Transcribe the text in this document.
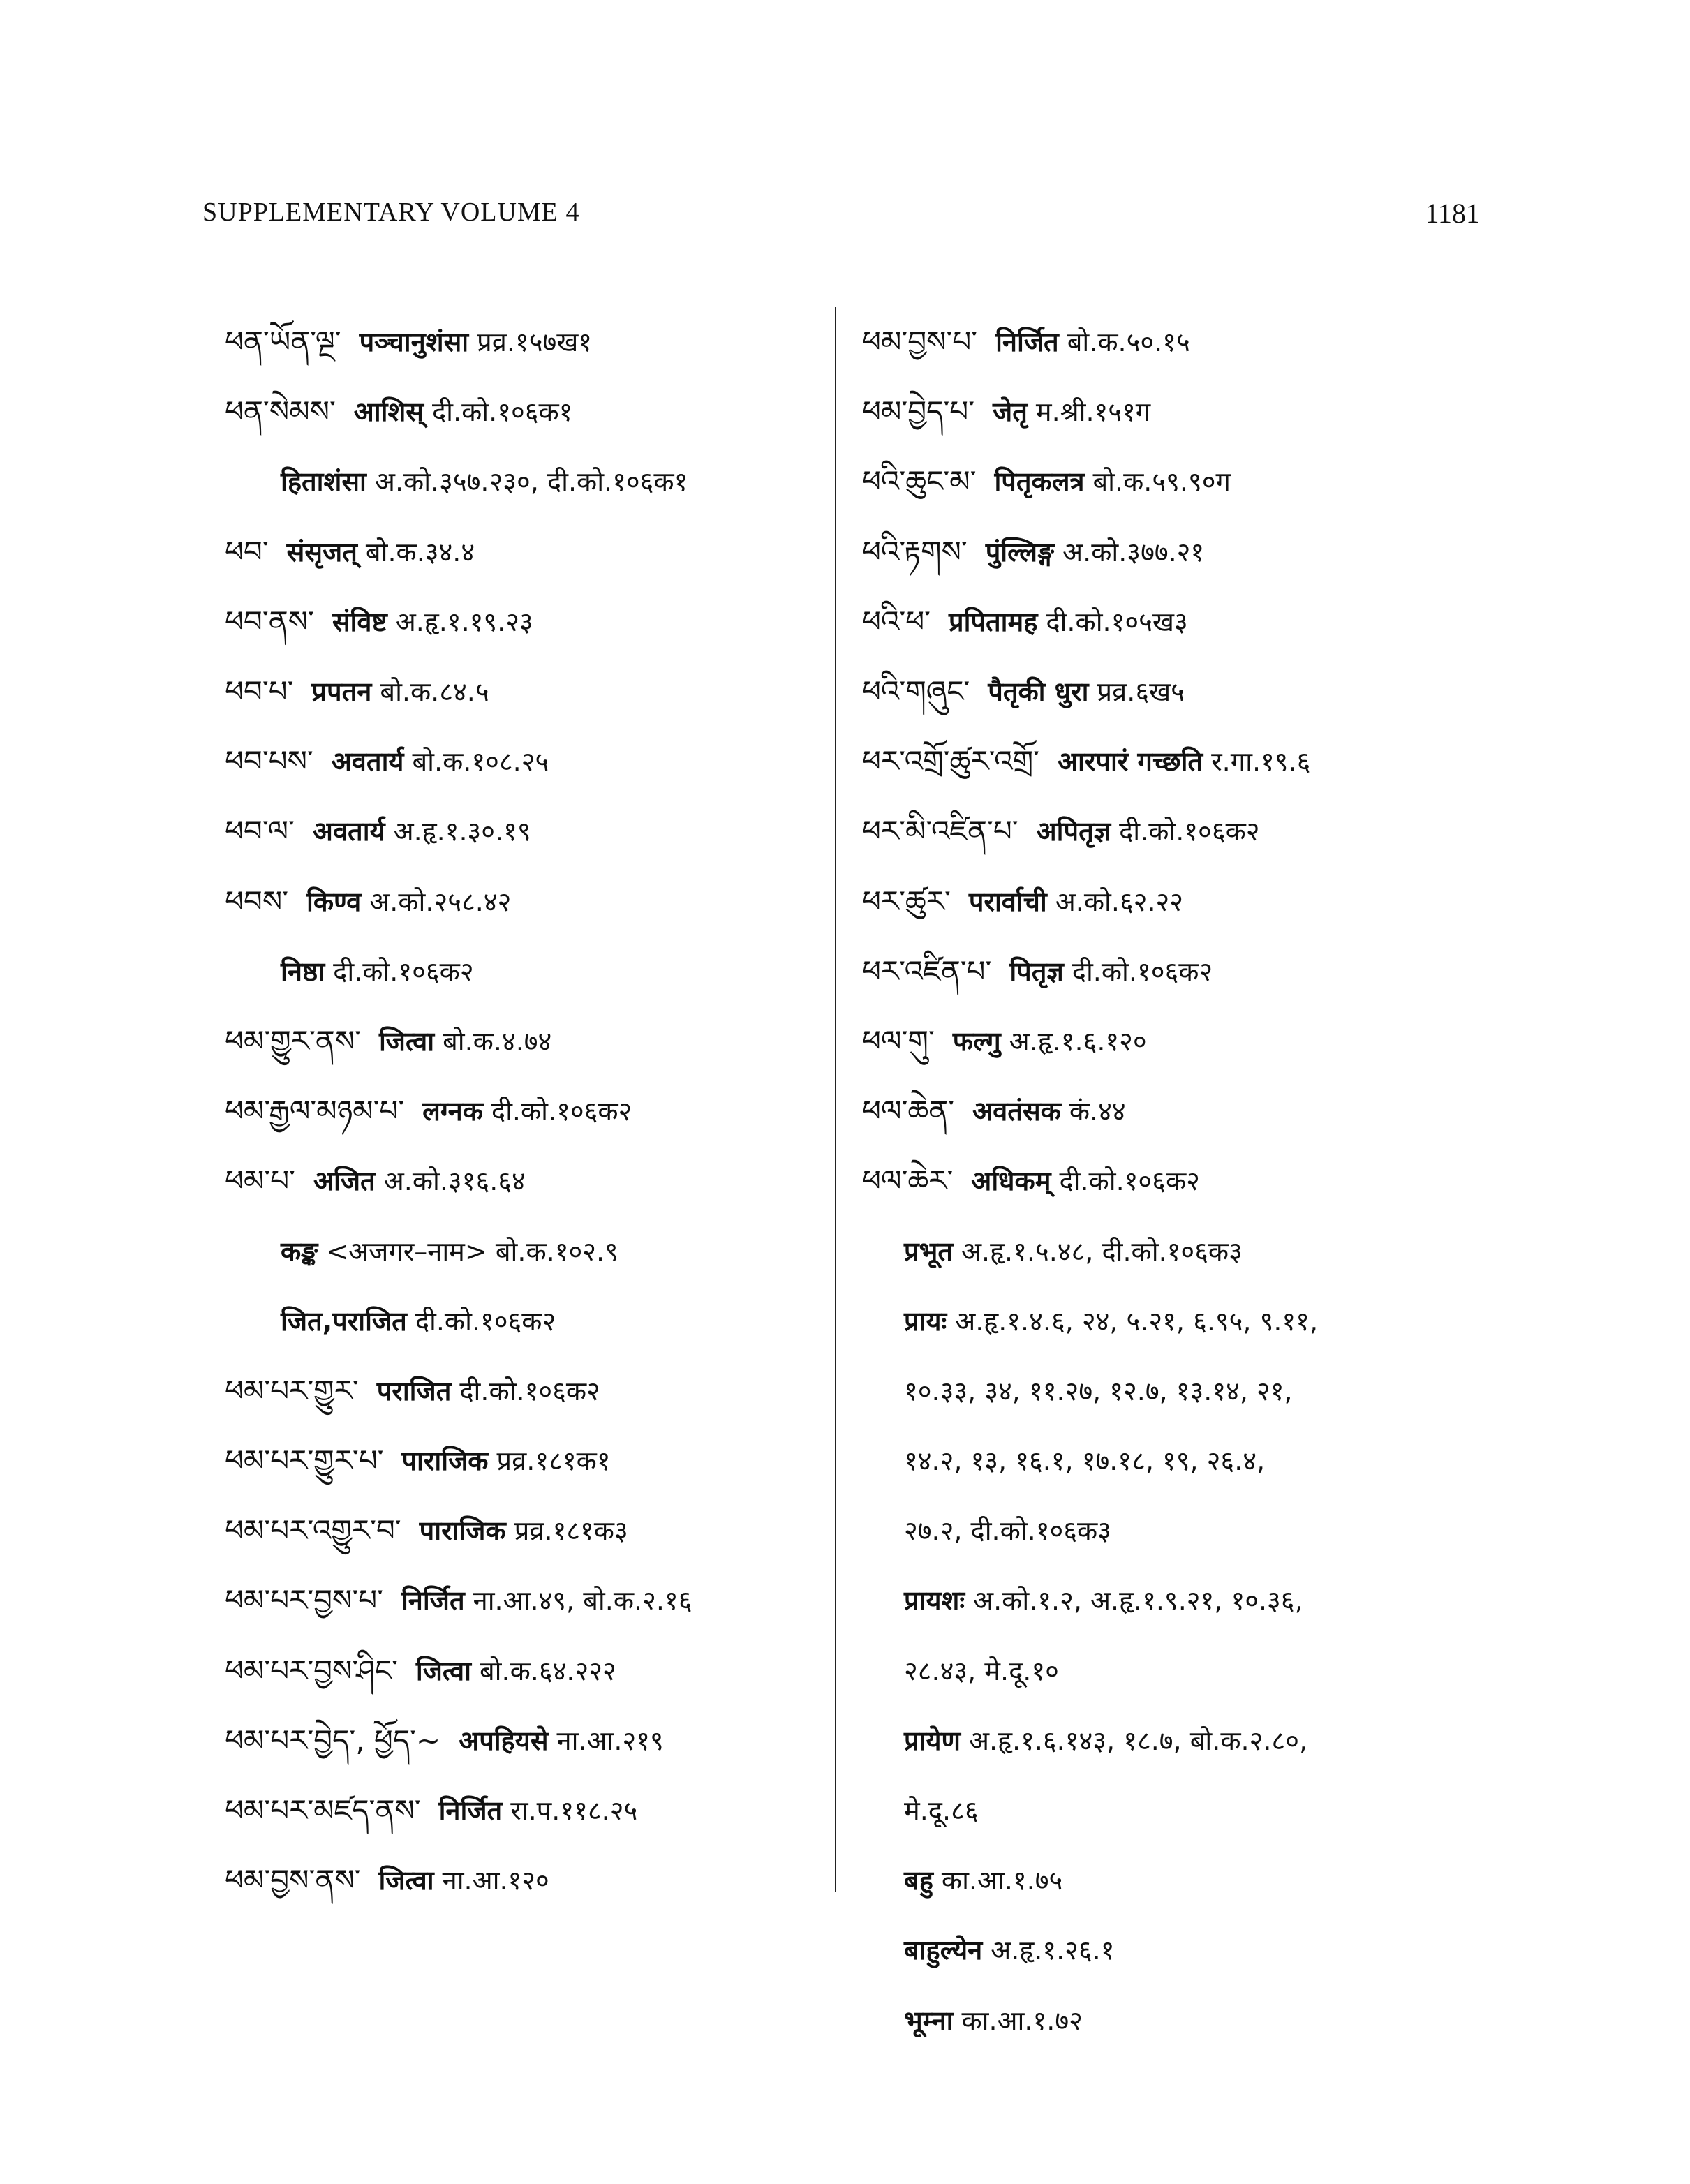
SUPPLEMENTARY VOLUME 4	1181
ཕན་ཡོན་ལྔ་ पञ्चानुशंसा प्रव्र.१५७ख१
ཕན་སེམས་ आशिस् दी.को.१०६क१
हिताशंसा अ.को.३५७.२३०, दी.को.१०६क१
ཕབ་ संसृजत् बो.क.३४.४
ཕབ་ནས་ संविष्ट अ.हृ.१.१९.२३
ཕབ་པ་ प्रपतन बो.क.८४.५
ཕབ་པས་ अवतार्य बो.क.१०८.२५
ཕབ་ལ་ अवतार्य अ.हृ.१.३०.१९
ཕབས་ किण्व अ.को.२५८.४२
निष्ठा दी.को.१०६क२
ཕམ་གྱུར་ནས་ जित्वा बो.क.४.७४
ཕམ་རྒྱལ་མཉམ་པ་ लग्नक दी.को.१०६क२
ཕམ་པ་ अजित अ.को.३१६.६४
कङ्क <अजगर–नाम> बो.क.१०२.९
जित,पराजित दी.को.१०६क२
ཕམ་པར་གྱུར་ पराजित दी.को.१०६क२
ཕམ་པར་གྱུར་པ་ पाराजिक प्रव्र.१८१क१
ཕམ་པར་འགྱུར་བ་ पाराजिक प्रव्र.१८१क३
ཕམ་པར་བྱས་པ་ निर्जित ना.आ.४९, बो.क.२.१६
ཕམ་པར་བྱས་ཤིང་ जित्वा बो.क.६४.२२२
ཕམ་པར་བྱེད་, ཕྱོད་~ अपहियसे ना.आ.२१९
ཕམ་པར་མཛད་ནས་ निर्जित रा.प.११८.२५
ཕམ་བྱས་ནས་ जित्वा ना.आ.१२०
ཕམ་བྱས་པ་ निर्जित बो.क.५०.१५
ཕམ་བྱེད་པ་ जेतृ म.श्री.१५१ग
ཕའི་ཆུང་མ་ पितृकलत्र बो.क.५९.९०ग
ཕའི་རྟགས་ पुंल्लिङ्ग अ.को.३७७.२१
ཕའི་ཕ་ प्रपितामह दी.को.१०५ख३
ཕའི་གཞུང་ पैतृकी धुरा प्रव्र.६ख५
ཕར་འགྲོ་ཚུར་འགྲོ་ आरपारं गच्छति र.गा.१९.६
ཕར་མི་འཛིན་པ་ अपितृज्ञ दी.को.१०६क२
ཕར་ཚུར་ परार्वाची अ.को.६२.२२
ཕར་འཛིན་པ་ पितृज्ञ दी.को.१०६क२
ཕལ་གུ་ फल्गु अ.हृ.१.६.१२०
ཕལ་ཆེན་ अवतंसक कं.४४
ཕལ་ཆེར་ अधिकम् दी.को.१०६क२
प्रभूत अ.हृ.१.५.४८, दी.को.१०६क३
प्रायः अ.हृ.१.४.६, २४, ५.२१, ६.९५, ९.११,
१०.३३, ३४, ११.२७, १२.७, १३.१४, २१,
१४.२, १३, १६.१, १७.१८, १९, २६.४,
२७.२, दी.को.१०६क३
प्रायशः अ.को.१.२, अ.हृ.१.९.२१, १०.३६,
२८.४३, मे.दू.१०
प्रायेण अ.हृ.१.६.१४३, १८.७, बो.क.२.८०,
मे.दू.८६
बहु का.आ.१.७५
बाहुल्येन अ.हृ.१.२६.१
भूम्ना का.आ.१.७२
